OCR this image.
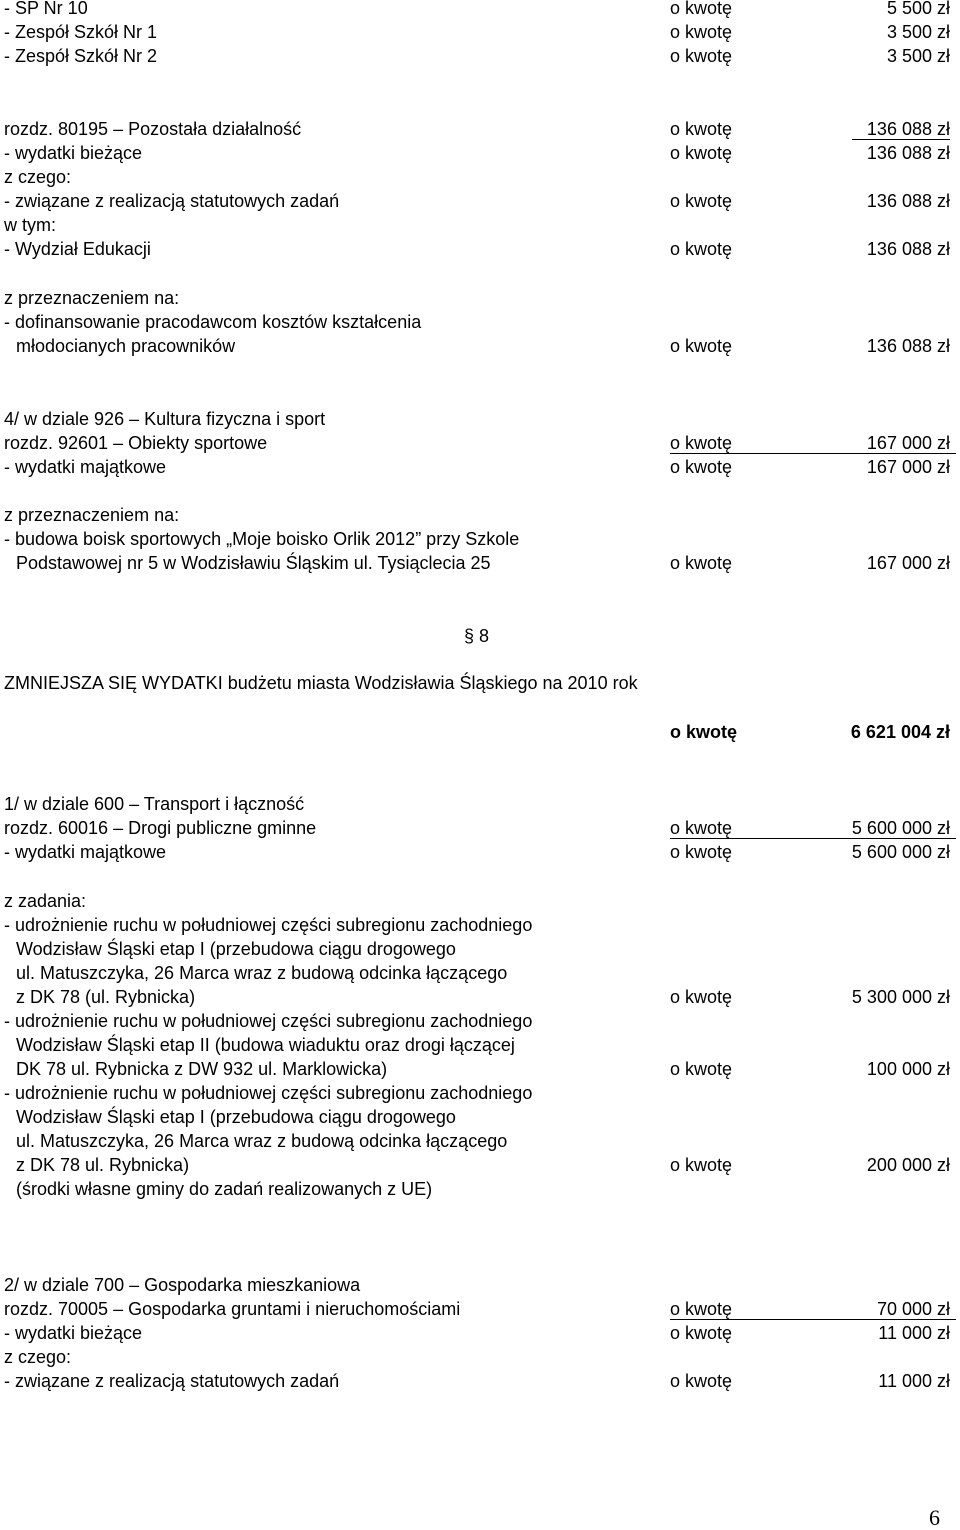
- SP Nr 10	o kwotę	5 500 zł
- Zespół Szkół Nr 1	o kwotę	3 500 zł
- Zespół Szkół Nr 2	o kwotę	3 500 zł
rozdz. 80195 – Pozostała działalność	o kwotę	136 088 zł
- wydatki bieżące	o kwotę	136 088 zł
z czego:
- związane z realizacją statutowych zadań	o kwotę	136 088 zł
w tym:
- Wydział Edukacji	o kwotę	136 088 zł
z przeznaczeniem na:
- dofinansowanie pracodawcom kosztów kształcenia
młodocianych pracowników	o kwotę	136 088 zł
4/ w dziale 926 – Kultura fizyczna i sport
rozdz. 92601 – Obiekty sportowe	o kwotę	167 000 zł
- wydatki majątkowe	o kwotę	167 000 zł
z przeznaczeniem na:
- budowa boisk sportowych „Moje boisko Orlik 2012” przy Szkole
Podstawowej nr 5 w Wodzisławiu Śląskim ul. Tysiąclecia 25	o kwotę	167 000 zł
ZMNIEJSZA SIĘ WYDATKI budżetu miasta Wodzisławia Śląskiego na 2010 rok
o kwotę	6 621 004 zł
1/ w dziale 600 – Transport i łączność
rozdz. 60016 – Drogi publiczne gminne	o kwotę	5 600 000 zł
- wydatki majątkowe	o kwotę	5 600 000 zł
z zadania:
- udrożnienie ruchu w południowej części subregionu zachodniego
Wodzisław Śląski etap I (przebudowa ciągu drogowego
ul. Matuszczyka, 26 Marca wraz z budową odcinka łączącego
z DK 78 (ul. Rybnicka)	o kwotę	5 300 000 zł
- udrożnienie ruchu w południowej części subregionu zachodniego
Wodzisław Śląski etap II (budowa wiaduktu oraz drogi łączącej
DK 78 ul. Rybnicka z DW 932 ul. Marklowicka)	o kwotę	100 000 zł
- udrożnienie ruchu w południowej części subregionu zachodniego
Wodzisław Śląski etap I (przebudowa ciągu drogowego
ul. Matuszczyka, 26 Marca wraz z budową odcinka łączącego
z DK 78 ul. Rybnicka)	o kwotę	200 000 zł
(środki własne gminy do zadań realizowanych z UE)
2/ w dziale 700 – Gospodarka mieszkaniowa
rozdz. 70005 – Gospodarka gruntami i nieruchomościami	o kwotę	70 000 zł
- wydatki bieżące	o kwotę	11 000 zł
z czego:
- związane z realizacją statutowych zadań	o kwotę	11 000 zł
§ 8
6
